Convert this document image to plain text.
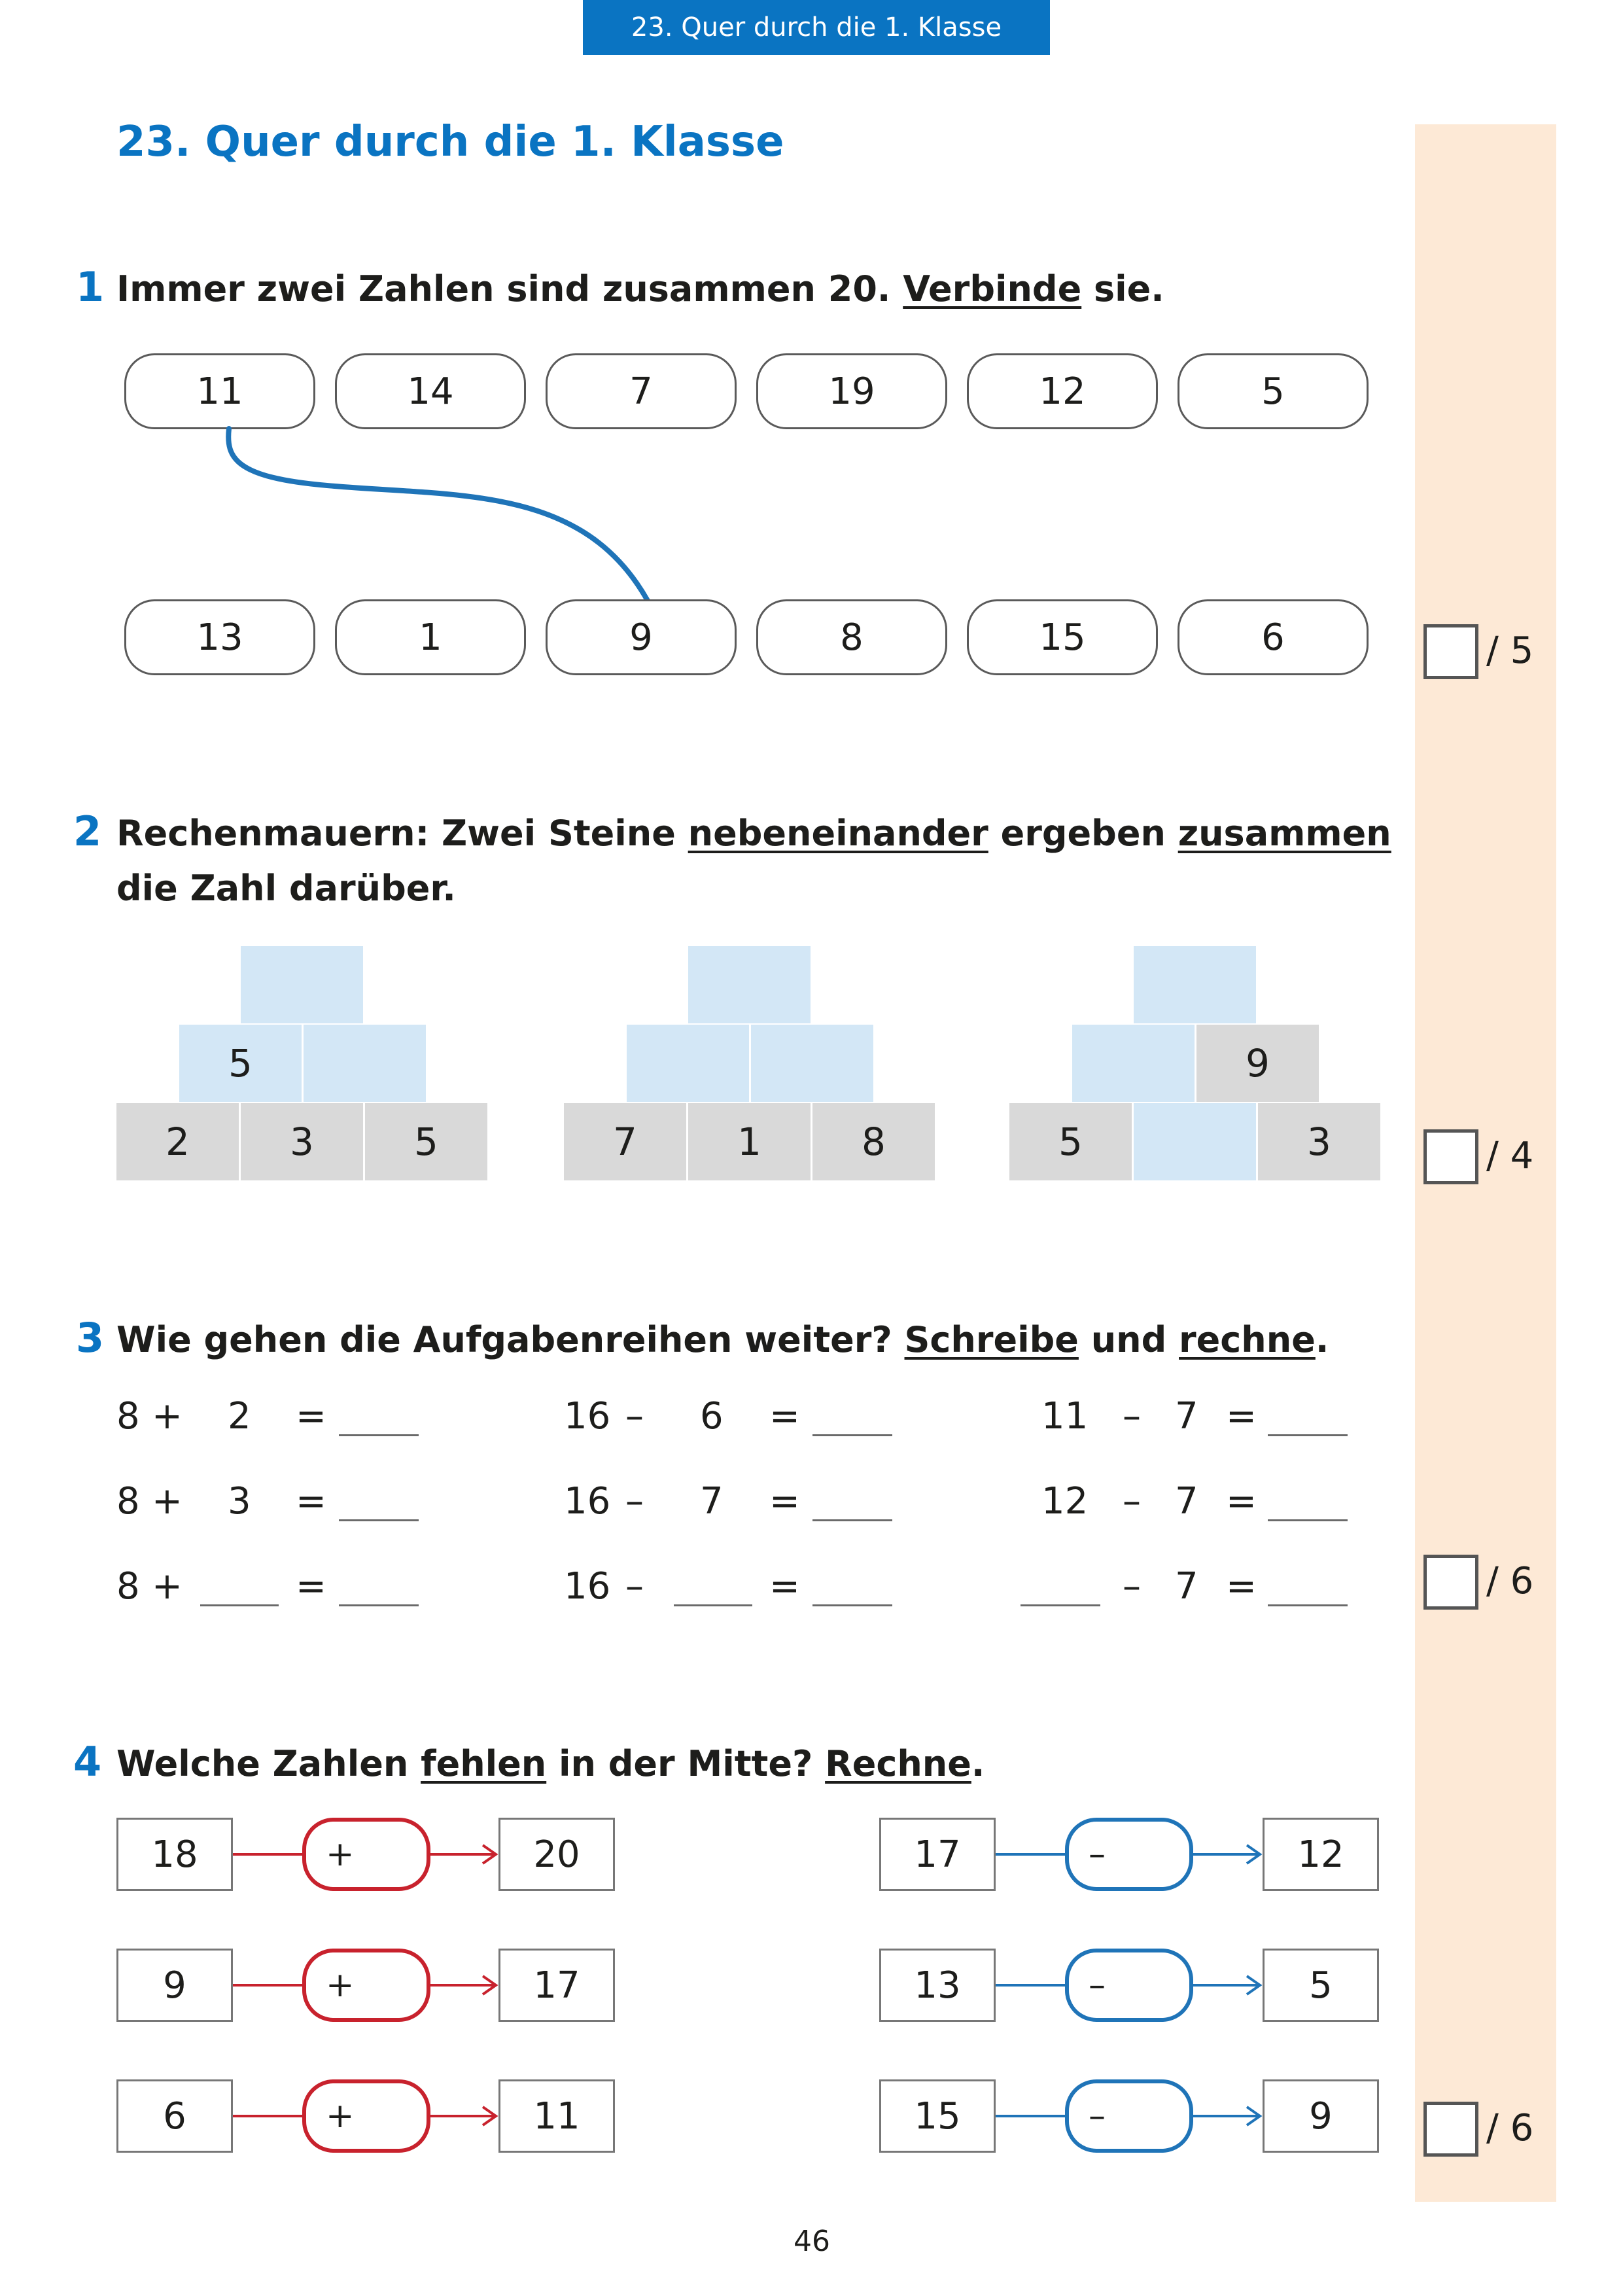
23. Quer durch die 1. Klasse
23. Quer durch die 1. Klasse
1 Immer zwei Zahlen sind zusammen 20. Verbinde sie.
11	14	7	19	12	5
13	1	9	8	15	6	/ 5
2 Rechenmauern: Zwei Steine nebeneinander ergeben zusammen
die Zahl darüber.
5
2	3	5	7	1	8
9
5	3	/ 4
3 Wie gehen die Aufgabenreihen weiter? Schreibe und rechne.
8 + 2 =	16 – 6 =	11 – 7 =
8 + 3 =	16 – 7 =	12 – 7 =
8 +	=	16 –	=	– 7 =	/ 6
4 Welche Zahlen fehlen in der Mitte? Rechne.
18	+	20
9	+	17
6	+	11
17	–	12
13	–	5
15	–	9	/ 6
46
